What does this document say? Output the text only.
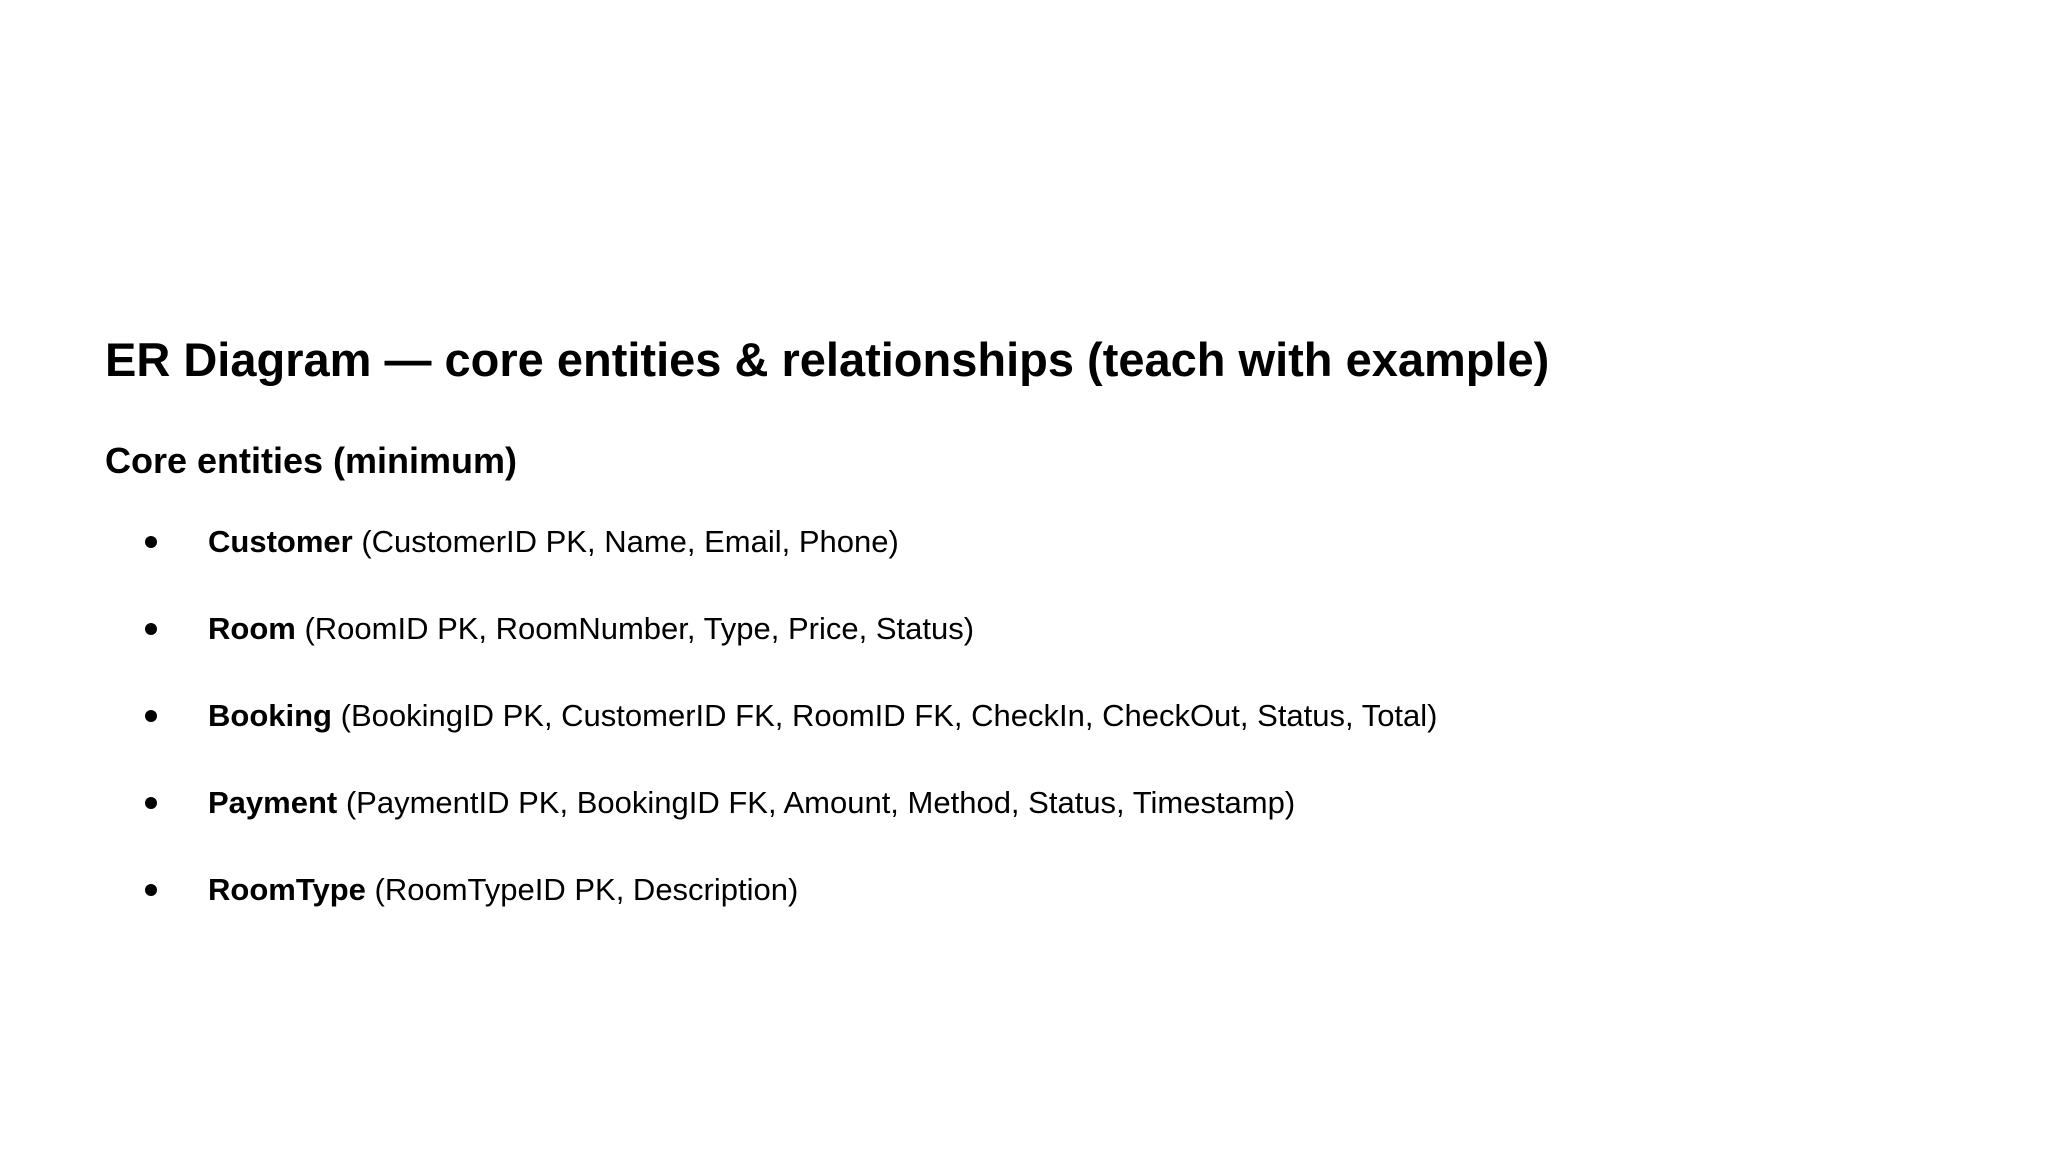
ER Diagram — core entities & relationships (teach with example)
Core entities (minimum)
Customer (CustomerID PK, Name, Email, Phone)
Room (RoomID PK, RoomNumber, Type, Price, Status)
Booking (BookingID PK, CustomerID FK, RoomID FK, CheckIn, CheckOut, Status, Total)
Payment (PaymentID PK, BookingID FK, Amount, Method, Status, Timestamp)
RoomType (RoomTypeID PK, Description)
